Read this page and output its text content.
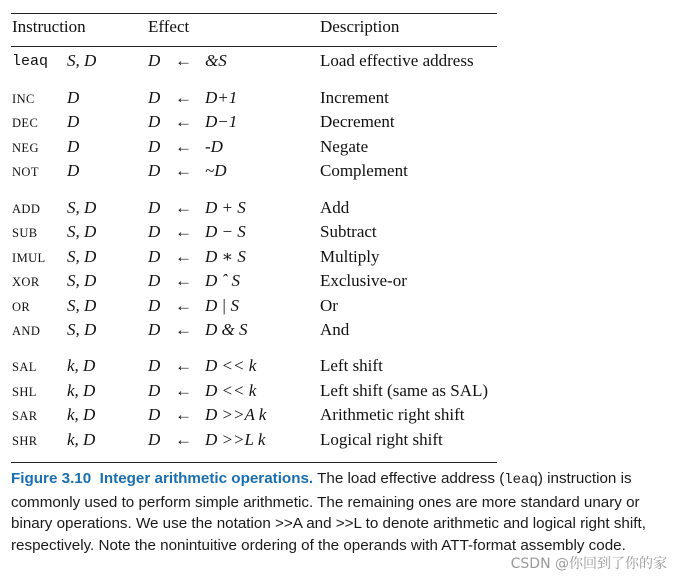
Instruction	Effect	Description
leaq S, D	D ← &S	Load effective address
INC D	D ← D+1	Increment
DEC D	D ← D−1	Decrement
NEG D	D ← -D	Negate
NOT D	D ← ~D	Complement
ADD S, D	D ← D + S	Add
SUB S, D	D ← D − S	Subtract
IMUL S, D	D ← D ∗ S	Multiply
XOR S, D	D ← D ˆ S	Exclusive-or
OR S, D	D ← D | S	Or
AND S, D	D ← D & S	And
SAL k, D	D ← D << k	Left shift
SHL k, D	D ← D << k	Left shift (same as SAL)
SAR k, D	D ← D >>A k	Arithmetic right shift
SHR k, D	D ← D >>L k	Logical right shift
Figure 3.10 Integer arithmetic operations. The load effective address (leaq) instruction is commonly used to perform simple arithmetic. The remaining ones are more standard unary or binary operations. We use the notation >>A and >>L to denote arithmetic and logical right shift, respectively. Note the nonintuitive ordering of the operands with ATT-format assembly code.
CSDN @你回到了你的家
